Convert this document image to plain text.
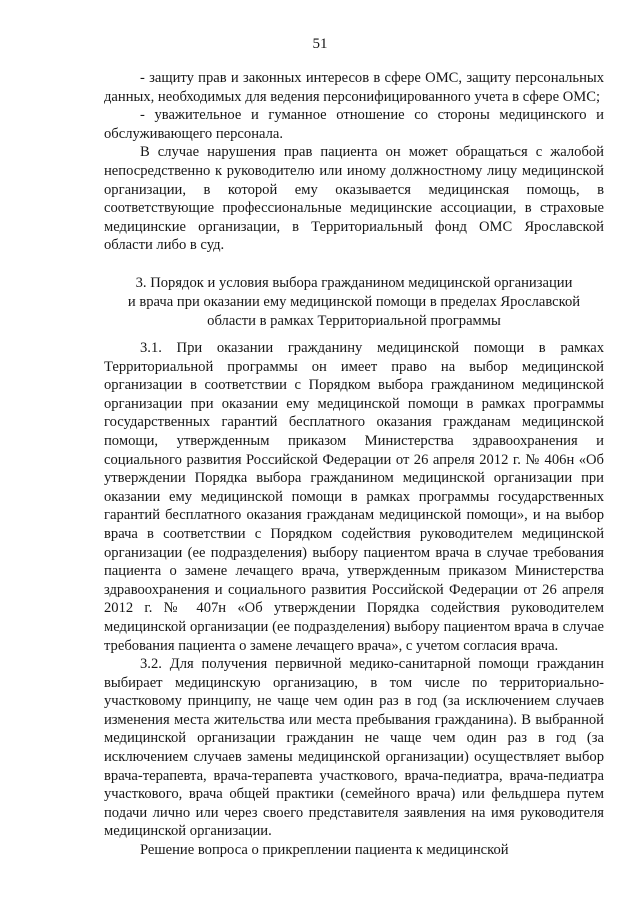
51

- защиту прав и законных интересов в сфере ОМС, защиту персональных данных, необходимых для ведения персонифицированного учета в сфере ОМС;

- уважительное и гуманное отношение со стороны медицинского и обслуживающего персонала.

В случае нарушения прав пациента он может обращаться с жалобой непосредственно к руководителю или иному должностному лицу медицинской организации, в которой ему оказывается медицинская помощь, в соответствующие профессиональные медицинские ассоциации, в страховые медицинские организации, в Территориальный фонд ОМС Ярославской области либо в суд.

3. Порядок и условия выбора гражданином медицинской организации
и врача при оказании ему медицинской помощи в пределах Ярославской
области в рамках Территориальной программы

3.1. При оказании гражданину медицинской помощи в рамках Территориальной программы он имеет право на выбор медицинской организации в соответствии с Порядком выбора гражданином медицинской организации при оказании ему медицинской помощи в рамках программы государственных гарантий бесплатного оказания гражданам медицинской помощи, утвержденным приказом Министерства здравоохранения и социального развития Российской Федерации от 26 апреля 2012 г. № 406н «Об утверждении Порядка выбора гражданином медицинской организации при оказании ему медицинской помощи в рамках программы государственных гарантий бесплатного оказания гражданам медицинской помощи», и на выбор врача в соответствии с Порядком содействия руководителем медицинской организации (ее подразделения) выбору пациентом врача в случае требования пациента о замене лечащего врача, утвержденным приказом Министерства здравоохранения и социального развития Российской Федерации от 26 апреля 2012 г. № 407н «Об утверждении Порядка содействия руководителем медицинской организации (ее подразделения) выбору пациентом врача в случае требования пациента о замене лечащего врача», с учетом согласия врача.

3.2. Для получения первичной медико-санитарной помощи гражданин выбирает медицинскую организацию, в том числе по территориально-участковому принципу, не чаще чем один раз в год (за исключением случаев изменения места жительства или места пребывания гражданина). В выбранной медицинской организации гражданин не чаще чем один раз в год (за исключением случаев замены медицинской организации) осуществляет выбор врача-терапевта, врача-терапевта участкового, врача-педиатра, врача-педиатра участкового, врача общей практики (семейного врача) или фельдшера путем подачи лично или через своего представителя заявления на имя руководителя медицинской организации.

Решение вопроса о прикреплении пациента к медицинской
